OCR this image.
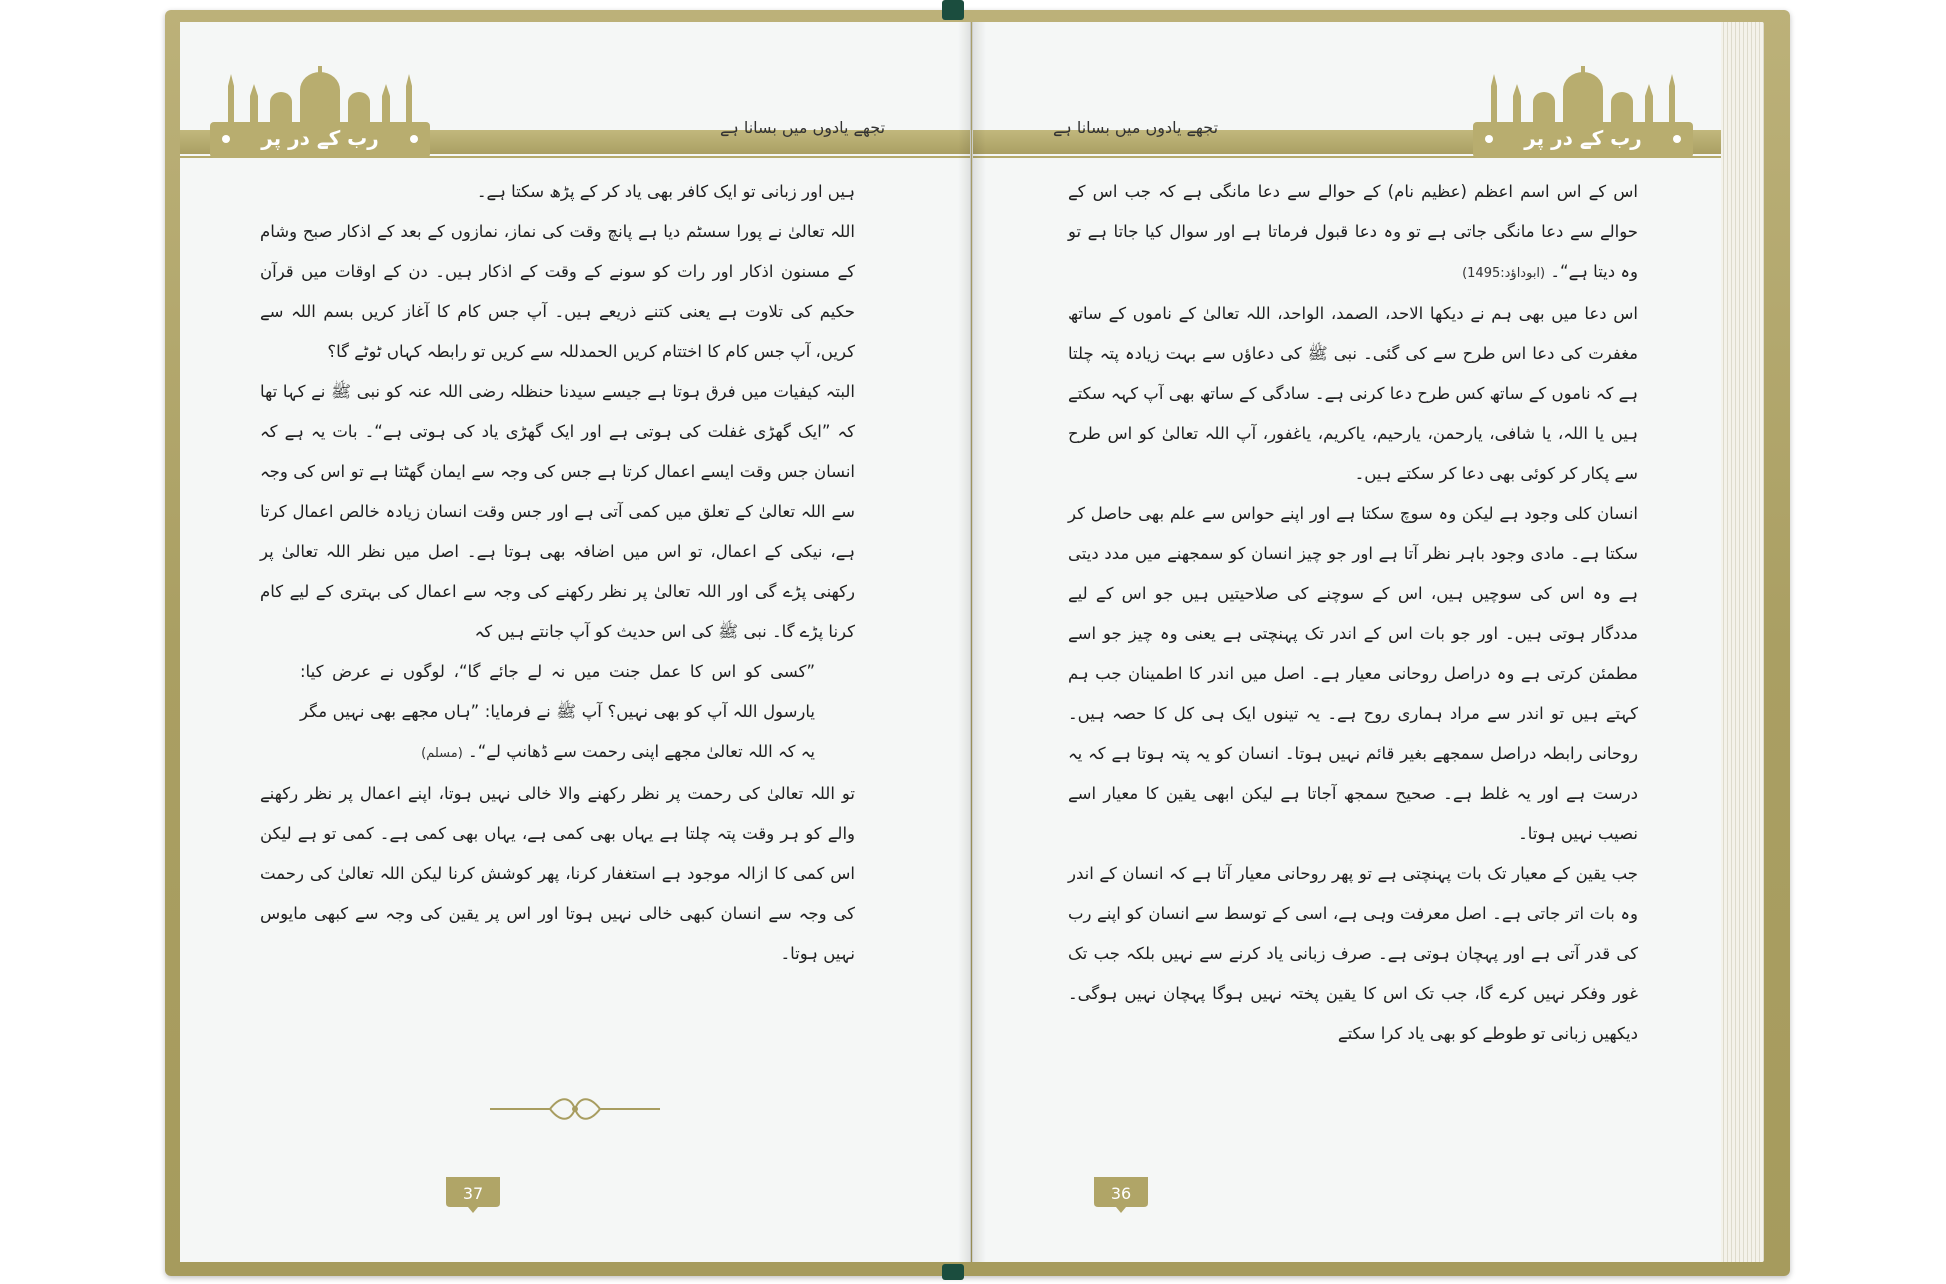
رب کے در پر	تجھے یادوں میں بسانا ہے

ہیں اور زبانی تو ایک کافر بھی یاد کر کے پڑھ سکتا ہے۔

اللہ تعالیٰ نے پورا سسٹم دیا ہے پانچ وقت کی نماز، نمازوں کے بعد کے اذکار صبح وشام کے مسنون اذکار اور رات کو سونے کے وقت کے اذکار ہیں۔ دن کے اوقات میں قرآن حکیم کی تلاوت ہے یعنی کتنے ذریعے ہیں۔ آپ جس کام کا آغاز کریں بسم اللہ سے کریں، آپ جس کام کا اختتام کریں الحمدللہ سے کریں تو رابطہ کہاں ٹوٹے گا؟

البتہ کیفیات میں فرق ہوتا ہے جیسے سیدنا حنظلہ رضی اللہ عنہ کو نبی ﷺ نے کہا تھا کہ ”ایک گھڑی غفلت کی ہوتی ہے اور ایک گھڑی یاد کی ہوتی ہے“۔ بات یہ ہے کہ انسان جس وقت ایسے اعمال کرتا ہے جس کی وجہ سے ایمان گھٹتا ہے تو اس کی وجہ سے اللہ تعالیٰ کے تعلق میں کمی آتی ہے اور جس وقت انسان زیادہ خالص اعمال کرتا ہے، نیکی کے اعمال، تو اس میں اضافہ بھی ہوتا ہے۔ اصل میں نظر اللہ تعالیٰ پر رکھنی پڑے گی اور اللہ تعالیٰ پر نظر رکھنے کی وجہ سے اعمال کی بہتری کے لیے کام کرنا پڑے گا۔ نبی ﷺ کی اس حدیث کو آپ جانتے ہیں کہ

”کسی کو اس کا عمل جنت میں نہ لے جائے گا“، لوگوں نے عرض کیا: یارسول اللہ آپ کو بھی نہیں؟ آپ ﷺ نے فرمایا: ”ہاں مجھے بھی نہیں مگر یہ کہ اللہ تعالیٰ مجھے اپنی رحمت سے ڈھانپ لے“۔ (مسلم)

تو اللہ تعالیٰ کی رحمت پر نظر رکھنے والا خالی نہیں ہوتا، اپنے اعمال پر نظر رکھنے والے کو ہر وقت پتہ چلتا ہے یہاں بھی کمی ہے، یہاں بھی کمی ہے۔ کمی تو ہے لیکن اس کمی کا ازالہ موجود ہے استغفار کرنا، پھر کوشش کرنا لیکن اللہ تعالیٰ کی رحمت کی وجہ سے انسان کبھی خالی نہیں ہوتا اور اس پر یقین کی وجہ سے کبھی مایوس نہیں ہوتا۔

37
رب کے در پر
تجھے یادوں میں بسانا ہے

اس کے اس اسم اعظم (عظیم نام) کے حوالے سے دعا مانگی ہے کہ جب اس کے حوالے سے دعا مانگی جاتی ہے تو وہ دعا قبول فرماتا ہے اور سوال کیا جاتا ہے تو وہ دیتا ہے“۔ (ابوداؤد:1495)

اس دعا میں بھی ہم نے دیکھا الاحد، الصمد، الواحد، اللہ تعالیٰ کے ناموں کے ساتھ مغفرت کی دعا اس طرح سے کی گئی۔ نبی ﷺ کی دعاؤں سے بہت زیادہ پتہ چلتا ہے کہ ناموں کے ساتھ کس طرح دعا کرنی ہے۔ سادگی کے ساتھ بھی آپ کہہ سکتے ہیں یا اللہ، یا شافی، یارحمن، یارحیم، یاکریم، یاغفور، آپ اللہ تعالیٰ کو اس طرح سے پکار کر کوئی بھی دعا کر سکتے ہیں۔

انسان کلی وجود ہے لیکن وہ سوچ سکتا ہے اور اپنے حواس سے علم بھی حاصل کر سکتا ہے۔ مادی وجود باہر نظر آتا ہے اور جو چیز انسان کو سمجھنے میں مدد دیتی ہے وہ اس کی سوچیں ہیں، اس کے سوچنے کی صلاحیتیں ہیں جو اس کے لیے مددگار ہوتی ہیں۔ اور جو بات اس کے اندر تک پہنچتی ہے یعنی وہ چیز جو اسے مطمئن کرتی ہے وہ دراصل روحانی معیار ہے۔ اصل میں اندر کا اطمینان جب ہم کہتے ہیں تو اندر سے مراد ہماری روح ہے۔ یہ تینوں ایک ہی کل کا حصہ ہیں۔ روحانی رابطہ دراصل سمجھے بغیر قائم نہیں ہوتا۔ انسان کو یہ پتہ ہوتا ہے کہ یہ درست ہے اور یہ غلط ہے۔ صحیح سمجھ آجاتا ہے لیکن ابھی یقین کا معیار اسے نصیب نہیں ہوتا۔

جب یقین کے معیار تک بات پہنچتی ہے تو پھر روحانی معیار آتا ہے کہ انسان کے اندر وہ بات اتر جاتی ہے۔ اصل معرفت وہی ہے، اسی کے توسط سے انسان کو اپنے رب کی قدر آتی ہے اور پہچان ہوتی ہے۔ صرف زبانی یاد کرنے سے نہیں بلکہ جب تک غور وفکر نہیں کرے گا، جب تک اس کا یقین پختہ نہیں ہوگا پہچان نہیں ہوگی۔ دیکھیں زبانی تو طوطے کو بھی یاد کرا سکتے

36
